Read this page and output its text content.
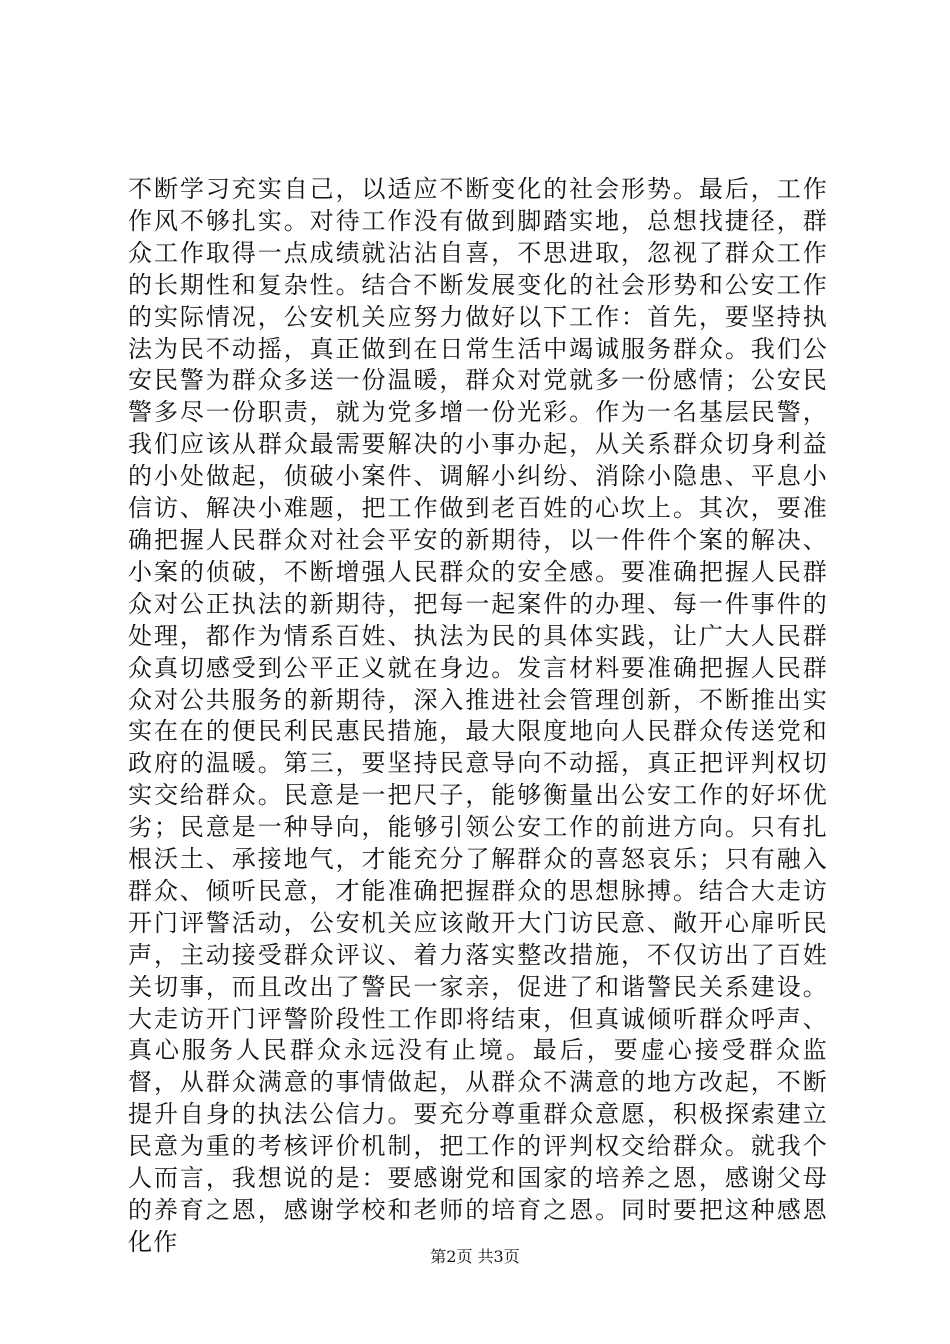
不断学习充实自己，以适应不断变化的社会形势。最后，工作作风不够扎实。对待工作没有做到脚踏实地，总想找捷径，群众工作取得一点成绩就沾沾自喜，不思进取，忽视了群众工作的长期性和复杂性。结合不断发展变化的社会形势和公安工作的实际情况，公安机关应努力做好以下工作：首先，要坚持执法为民不动摇，真正做到在日常生活中竭诚服务群众。我们公安民警为群众多送一份温暖，群众对党就多一份感情；公安民警多尽一份职责，就为党多增一份光彩。作为一名基层民警，我们应该从群众最需要解决的小事办起，从关系群众切身利益的小处做起，侦破小案件、调解小纠纷、消除小隐患、平息小信访、解决小难题，把工作做到老百姓的心坎上。其次，要准确把握人民群众对社会平安的新期待，以一件件个案的解决、小案的侦破，不断增强人民群众的安全感。要准确把握人民群众对公正执法的新期待，把每一起案件的办理、每一件事件的处理，都作为情系百姓、执法为民的具体实践，让广大人民群众真切感受到公平正义就在身边。发言材料要准确把握人民群众对公共服务的新期待，深入推进社会管理创新，不断推出实实在在的便民利民惠民措施，最大限度地向人民群众传送党和政府的温暖。第三，要坚持民意导向不动摇，真正把评判权切实交给群众。民意是一把尺子，能够衡量出公安工作的好坏优劣；民意是一种导向，能够引领公安工作的前进方向。只有扎根沃土、承接地气，才能充分了解群众的喜怒哀乐；只有融入群众、倾听民意，才能准确把握群众的思想脉搏。结合大走访开门评警活动，公安机关应该敞开大门访民意、敞开心扉听民声，主动接受群众评议、着力落实整改措施，不仅访出了百姓关切事，而且改出了警民一家亲，促进了和谐警民关系建设。大走访开门评警阶段性工作即将结束，但真诚倾听群众呼声、真心服务人民群众永远没有止境。最后，要虚心接受群众监督，从群众满意的事情做起，从群众不满意的地方改起，不断提升自身的执法公信力。要充分尊重群众意愿，积极探索建立民意为重的考核评价机制，把工作的评判权交给群众。就我个人而言，我想说的是：要感谢党和国家的培养之恩，感谢父母的养育之恩，感谢学校和老师的培育之恩。同时要把这种感恩化作

第2页 共3页
